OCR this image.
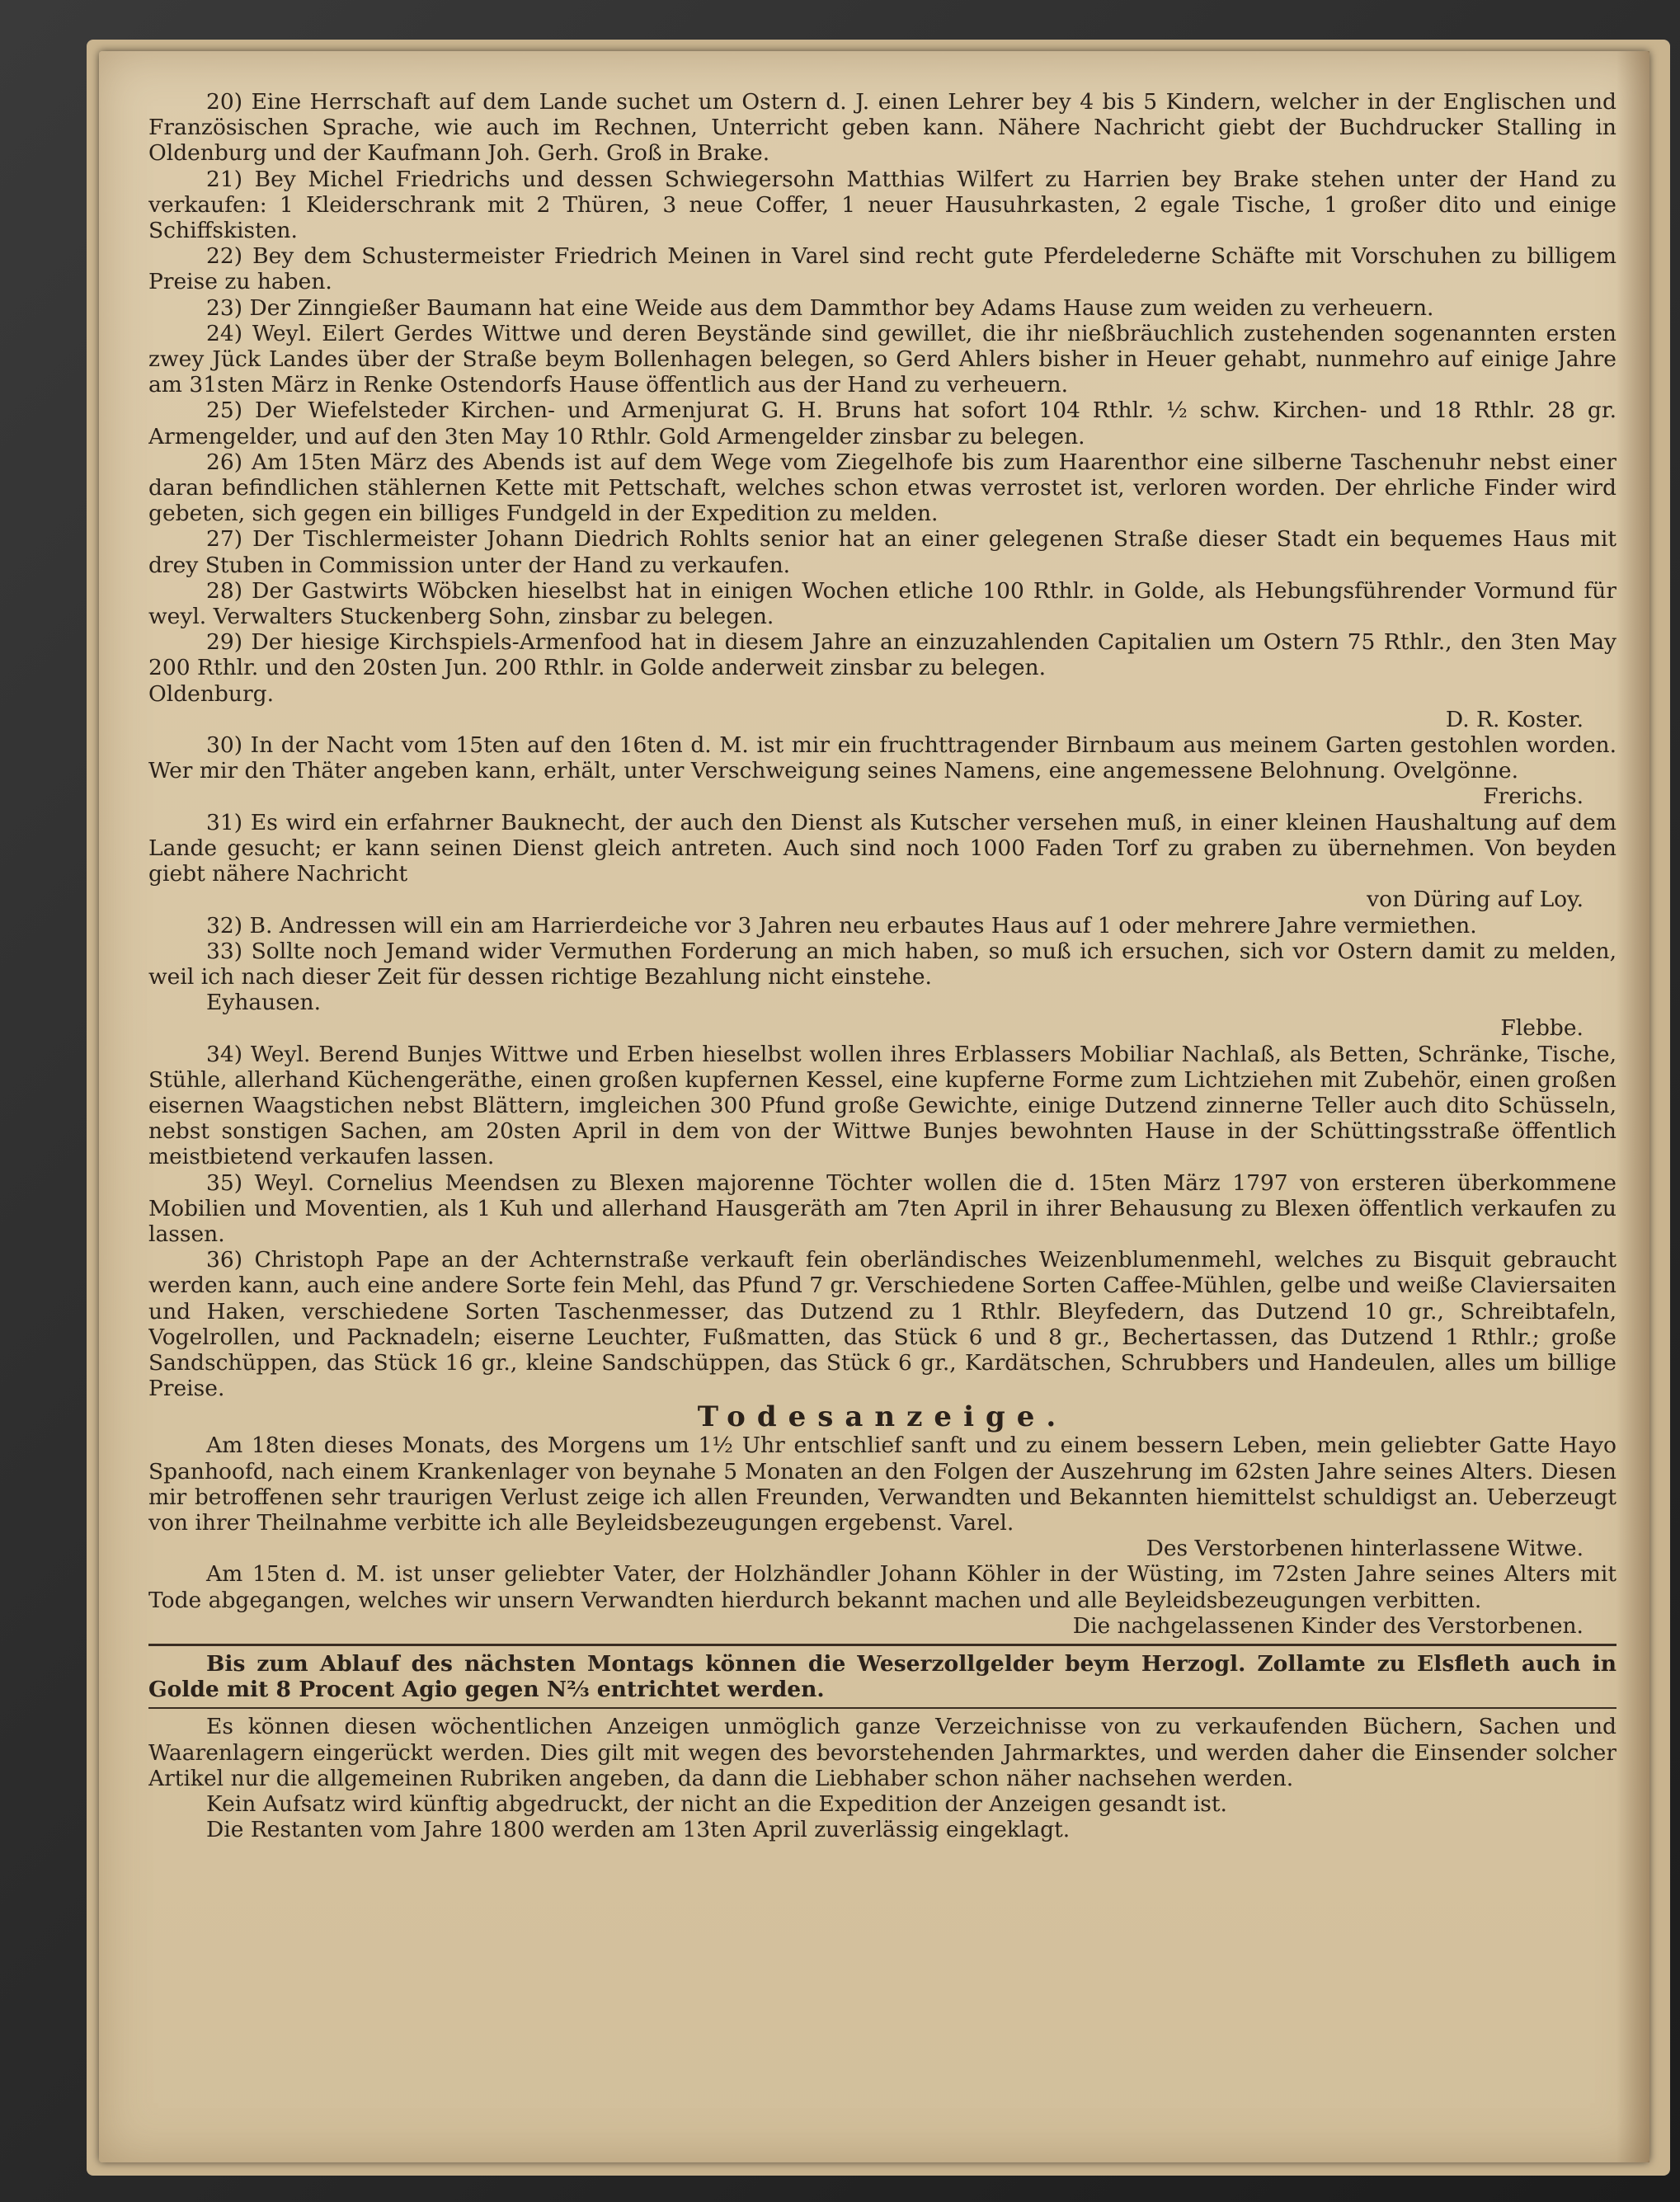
20) Eine Herrschaft auf dem Lande suchet um Ostern d. J. einen Lehrer bey 4 bis 5 Kindern, welcher in der Englischen und Französischen Sprache, wie auch im Rechnen, Unterricht geben kann. Nähere Nachricht giebt der Buchdrucker Stalling in Oldenburg und der Kaufmann Joh. Gerh. Groß in Brake.

21) Bey Michel Friedrichs und dessen Schwiegersohn Matthias Wilfert zu Harrien bey Brake stehen unter der Hand zu verkaufen: 1 Kleiderschrank mit 2 Thüren, 3 neue Coffer, 1 neuer Hausuhrkasten, 2 egale Tische, 1 großer dito und einige Schiffskisten.

22) Bey dem Schustermeister Friedrich Meinen in Varel sind recht gute Pferdelederne Schäfte mit Vorschuhen zu billigem Preise zu haben.

23) Der Zinngießer Baumann hat eine Weide aus dem Dammthor bey Adams Hause zum weiden zu verheuern.

24) Weyl. Eilert Gerdes Wittwe und deren Beystände sind gewillet, die ihr nießbräuchlich zustehenden sogenannten ersten zwey Jück Landes über der Straße beym Bollenhagen belegen, so Gerd Ahlers bisher in Heuer gehabt, nunmehro auf einige Jahre am 31sten März in Renke Ostendorfs Hause öffentlich aus der Hand zu verheuern.

25) Der Wiefelsteder Kirchen- und Armenjurat G. H. Bruns hat sofort 104 Rthlr. ½ schw. Kirchen- und 18 Rthlr. 28 gr. Armengelder, und auf den 3ten May 10 Rthlr. Gold Armengelder zinsbar zu belegen.

26) Am 15ten März des Abends ist auf dem Wege vom Ziegelhofe bis zum Haarenthor eine silberne Taschenuhr nebst einer daran befindlichen stählernen Kette mit Pettschaft, welches schon etwas verrostet ist, verloren worden. Der ehrliche Finder wird gebeten, sich gegen ein billiges Fundgeld in der Expedition zu melden.

27) Der Tischlermeister Johann Diedrich Rohlts senior hat an einer gelegenen Straße dieser Stadt ein bequemes Haus mit drey Stuben in Commission unter der Hand zu verkaufen.

28) Der Gastwirts Wöbcken hieselbst hat in einigen Wochen etliche 100 Rthlr. in Golde, als Hebungsführender Vormund für weyl. Verwalters Stuckenberg Sohn, zinsbar zu belegen.

29) Der hiesige Kirchspiels-Armenfood hat in diesem Jahre an einzuzahlenden Capitalien um Ostern 75 Rthlr., den 3ten May 200 Rthlr. und den 20sten Jun. 200 Rthlr. in Golde anderweit zinsbar zu belegen.

Oldenburg.

D. R. Koster.

30) In der Nacht vom 15ten auf den 16ten d. M. ist mir ein fruchttragender Birnbaum aus meinem Garten gestohlen worden. Wer mir den Thäter angeben kann, erhält, unter Verschweigung seines Namens, eine angemessene Belohnung. Ovelgönne.

Frerichs.

31) Es wird ein erfahrner Bauknecht, der auch den Dienst als Kutscher versehen muß, in einer kleinen Haushaltung auf dem Lande gesucht; er kann seinen Dienst gleich antreten. Auch sind noch 1000 Faden Torf zu graben zu übernehmen. Von beyden giebt nähere Nachricht

von Düring auf Loy.

32) B. Andressen will ein am Harrierdeiche vor 3 Jahren neu erbautes Haus auf 1 oder mehrere Jahre vermiethen.

33) Sollte noch Jemand wider Vermuthen Forderung an mich haben, so muß ich ersuchen, sich vor Ostern damit zu melden, weil ich nach dieser Zeit für dessen richtige Bezahlung nicht einstehe.

Eyhausen.

Flebbe.

34) Weyl. Berend Bunjes Wittwe und Erben hieselbst wollen ihres Erblassers Mobiliar Nachlaß, als Betten, Schränke, Tische, Stühle, allerhand Küchengeräthe, einen großen kupfernen Kessel, eine kupferne Forme zum Lichtziehen mit Zubehör, einen großen eisernen Waagstichen nebst Blättern, imgleichen 300 Pfund große Gewichte, einige Dutzend zinnerne Teller auch dito Schüsseln, nebst sonstigen Sachen, am 20sten April in dem von der Wittwe Bunjes bewohnten Hause in der Schüttingsstraße öffentlich meistbietend verkaufen lassen.

35) Weyl. Cornelius Meendsen zu Blexen majorenne Töchter wollen die d. 15ten März 1797 von ersteren überkommene Mobilien und Moventien, als 1 Kuh und allerhand Hausgeräth am 7ten April in ihrer Behausung zu Blexen öffentlich verkaufen zu lassen.

36) Christoph Pape an der Achternstraße verkauft fein oberländisches Weizenblumenmehl, welches zu Bisquit gebraucht werden kann, auch eine andere Sorte fein Mehl, das Pfund 7 gr. Verschiedene Sorten Caffee-Mühlen, gelbe und weiße Claviersaiten und Haken, verschiedene Sorten Taschenmesser, das Dutzend zu 1 Rthlr. Bleyfedern, das Dutzend 10 gr., Schreibtafeln, Vogelrollen, und Packnadeln; eiserne Leuchter, Fußmatten, das Stück 6 und 8 gr., Bechertassen, das Dutzend 1 Rthlr.; große Sandschüppen, das Stück 16 gr., kleine Sandschüppen, das Stück 6 gr., Kardätschen, Schrubbers und Handeulen, alles um billige Preise.

Todesanzeige.

Am 18ten dieses Monats, des Morgens um 1½ Uhr entschlief sanft und zu einem bessern Leben, mein geliebter Gatte Hayo Spanhoofd, nach einem Krankenlager von beynahe 5 Monaten an den Folgen der Auszehrung im 62sten Jahre seines Alters. Diesen mir betroffenen sehr traurigen Verlust zeige ich allen Freunden, Verwandten und Bekannten hiemittelst schuldigst an. Ueberzeugt von ihrer Theilnahme verbitte ich alle Beyleidsbezeugungen ergebenst. Varel.

Des Verstorbenen hinterlassene Witwe.

Am 15ten d. M. ist unser geliebter Vater, der Holzhändler Johann Köhler in der Wüsting, im 72sten Jahre seines Alters mit Tode abgegangen, welches wir unsern Verwandten hierdurch bekannt machen und alle Beyleidsbezeugungen verbitten.

Die nachgelassenen Kinder des Verstorbenen.

Bis zum Ablauf des nächsten Montags können die Weserzollgelder beym Herzogl. Zollamte zu Elsfleth auch in Golde mit 8 Procent Agio gegen N⅔ entrichtet werden.

Es können diesen wöchentlichen Anzeigen unmöglich ganze Verzeichnisse von zu verkaufenden Büchern, Sachen und Waarenlagern eingerückt werden. Dies gilt mit wegen des bevorstehenden Jahrmarktes, und werden daher die Einsender solcher Artikel nur die allgemeinen Rubriken angeben, da dann die Liebhaber schon näher nachsehen werden.

Kein Aufsatz wird künftig abgedruckt, der nicht an die Expedition der Anzeigen gesandt ist.

Die Restanten vom Jahre 1800 werden am 13ten April zuverlässig eingeklagt.
